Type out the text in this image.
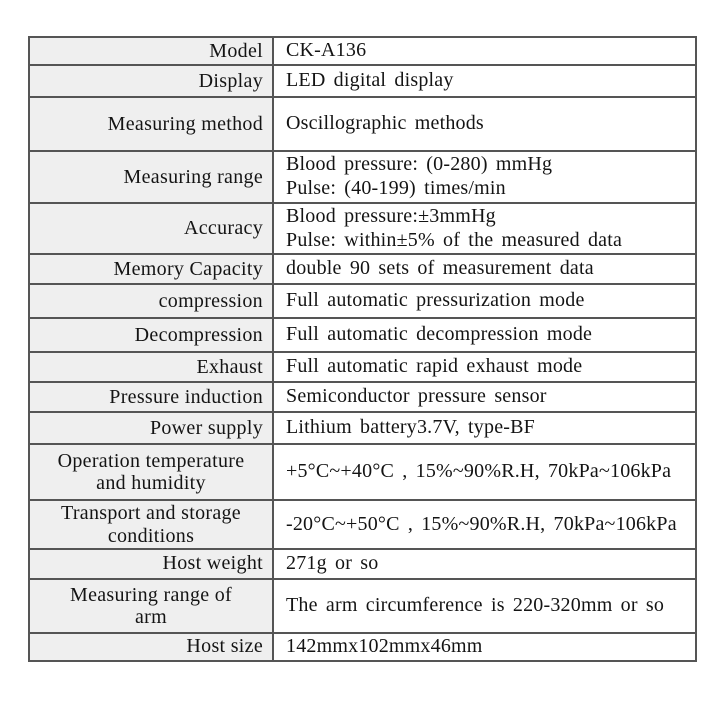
Model	CK-A136
Display	LED digital display
Measuring method	Oscillographic methods
Measuring range	Blood pressure: (0-280) mmHg
Pulse: (40-199) times/min
Accuracy	Blood pressure:±3mmHg
Pulse: within±5% of the measured data
Memory Capacity	double 90 sets of measurement data
compression	Full automatic pressurization mode
Decompression	Full automatic decompression mode
Exhaust	Full automatic rapid exhaust mode
Pressure induction	Semiconductor pressure sensor
Power supply	Lithium battery3.7V, type-BF
Operation temperature
and humidity	+5°C~+40°C , 15%~90%R.H, 70kPa~106kPa
Transport and storage
conditions	-20°C~+50°C , 15%~90%R.H, 70kPa~106kPa
Host weight	271g or so
Measuring range of
arm	The arm circumference is 220-320mm or so
Host size	142mmx102mmx46mm
